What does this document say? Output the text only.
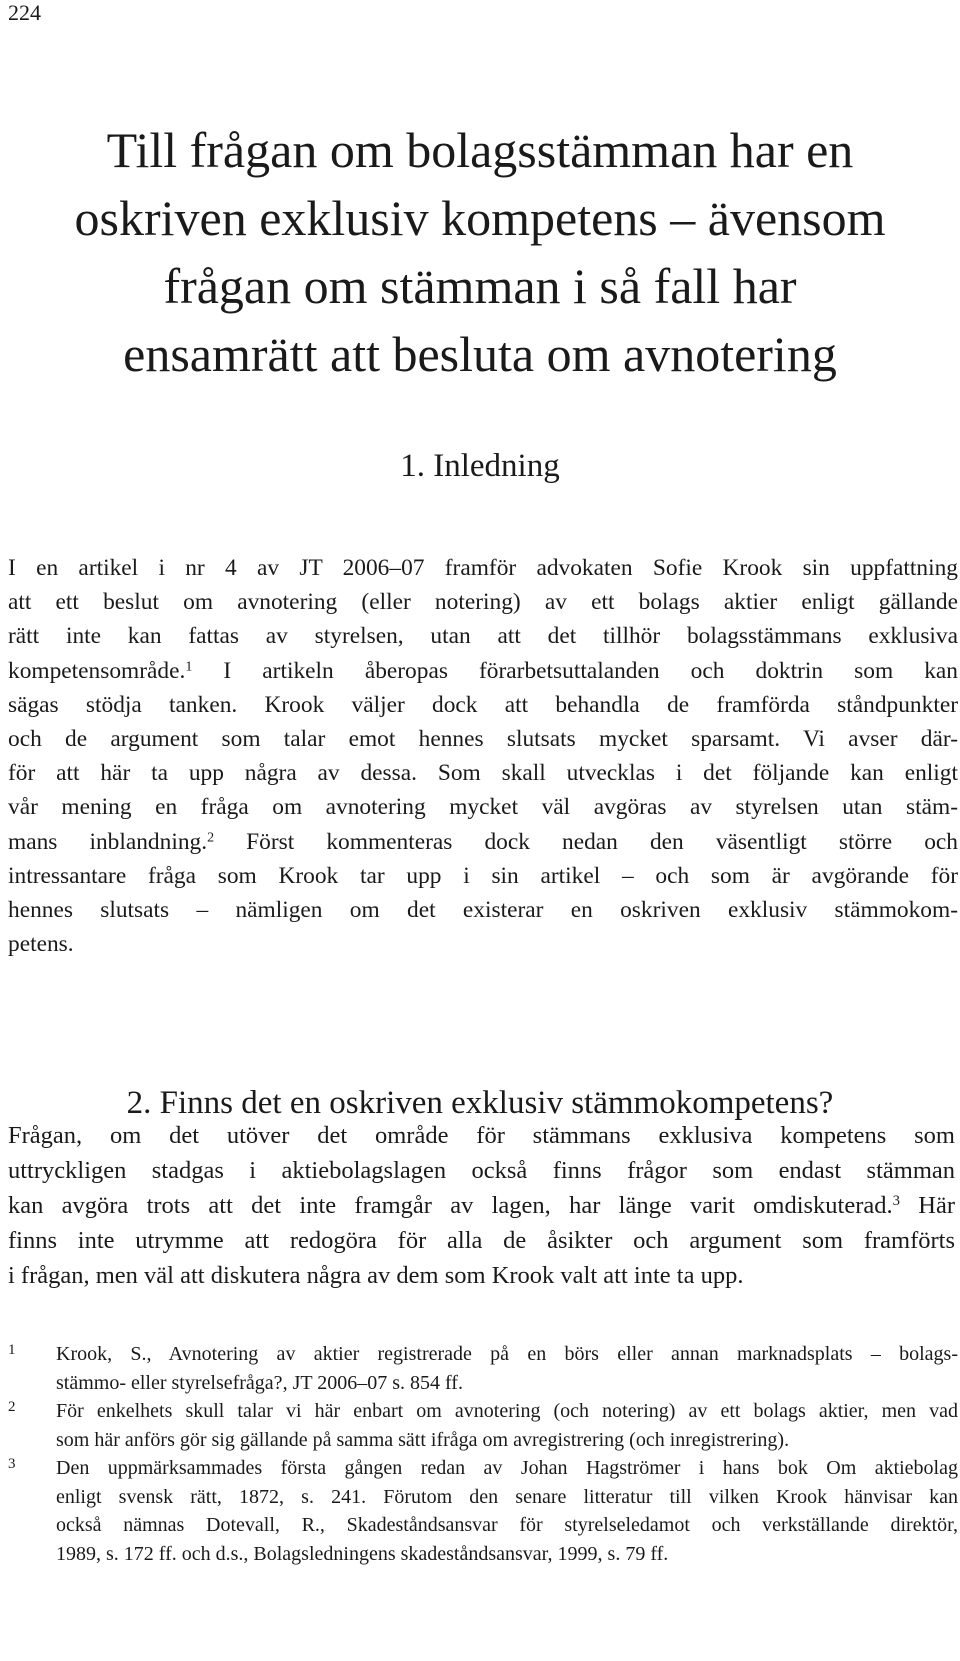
224
Till frågan om bolagsstämman har en
oskriven exklusiv kompetens – ävensom
frågan om stämman i så fall har
ensamrätt att besluta om avnotering
1. Inledning
I en artikel i nr 4 av JT 2006–07 framför advokaten Sofie Krook sin uppfattning
att ett beslut om avnotering (eller notering) av ett bolags aktier enligt gällande
rätt inte kan fattas av styrelsen, utan att det tillhör bolagsstämmans exklusiva
kompetensområde.$^1$ I artikeln åberopas förarbetsuttalanden och doktrin som kan
sägas stödja tanken. Krook väljer dock att behandla de framförda ståndpunkter
och de argument som talar emot hennes slutsats mycket sparsamt. Vi avser där-
för att här ta upp några av dessa. Som skall utvecklas i det följande kan enligt
vår mening en fråga om avnotering mycket väl avgöras av styrelsen utan stäm-
mans inblandning.$^2$ Först kommenteras dock nedan den väsentligt större och
intressantare fråga som Krook tar upp i sin artikel – och som är avgörande för
hennes slutsats – nämligen om det existerar en oskriven exklusiv stämmokom-
petens.
2. Finns det en oskriven exklusiv stämmokompetens?
Frågan, om det utöver det område för stämmans exklusiva kompetens som
uttryckligen stadgas i aktiebolagslagen också finns frågor som endast stämman
kan avgöra trots att det inte framgår av lagen, har länge varit omdiskuterad.$^3$ Här
finns inte utrymme att redogöra för alla de åsikter och argument som framförts
i frågan, men väl att diskutera några av dem som Krook valt att inte ta upp.
1 Krook, S., Avnotering av aktier registrerade på en börs eller annan marknadsplats – bolags-
stämmo- eller styrelsefråga?, JT 2006–07 s. 854 ff.
2 För enkelhets skull talar vi här enbart om avnotering (och notering) av ett bolags aktier, men vad
som här anförs gör sig gällande på samma sätt ifråga om avregistrering (och inregistrering).
3 Den uppmärksammades första gången redan av Johan Hagströmer i hans bok Om aktiebolag
enligt svensk rätt, 1872, s. 241. Förutom den senare litteratur till vilken Krook hänvisar kan
också nämnas Dotevall, R., Skadeståndsansvar för styrelseledamot och verkställande direktör,
1989, s. 172 ff. och d.s., Bolagsledningens skadeståndsansvar, 1999, s. 79 ff.
